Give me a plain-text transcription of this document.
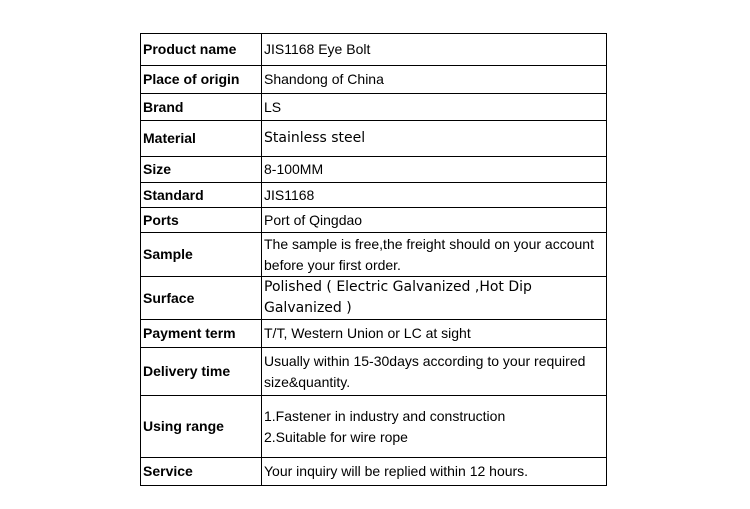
Product name	JIS1168 Eye Bolt
Place of origin	Shandong of China
Brand	LS
Material	Stainless steel
Size	8-100MM
Standard	JIS1168
Ports	Port of Qingdao
Sample	The sample is free,the freight should on your account
before your first order.

Surface	Polished ( Electric Galvanized ,Hot Dip Galvanized )
Payment term	T/T, Western Union or LC at sight
Delivery time	Usually within 15-30days according to your required
size&quantity.

Using range	1.Fastener in industry and construction
2.Suitable for wire rope

Service	Your inquiry will be replied within 12 hours.
